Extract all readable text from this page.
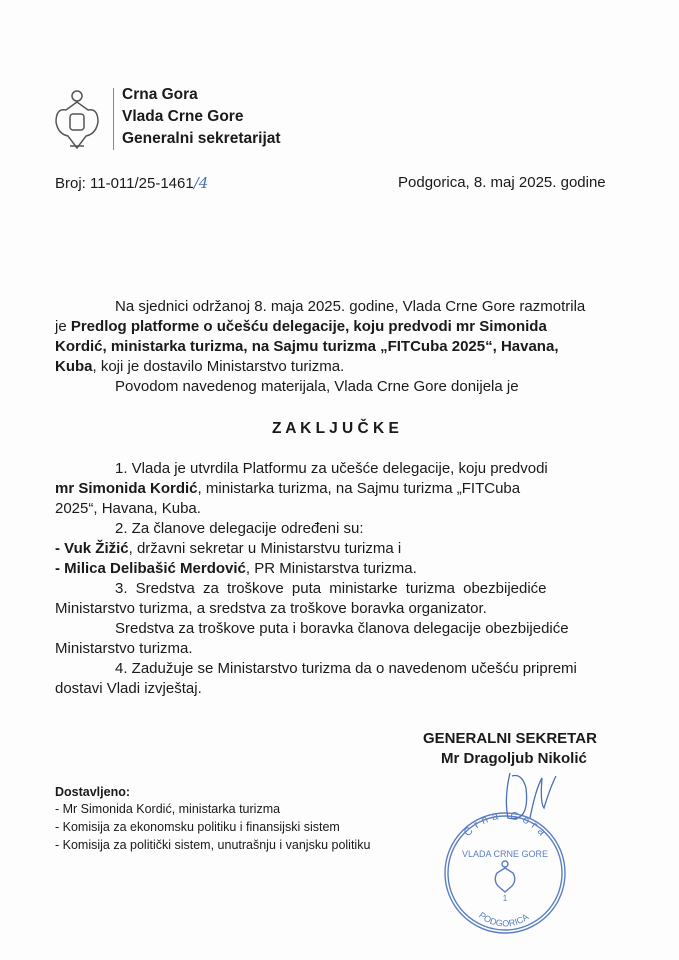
Crna Gora
Vlada Crne Gore
Generalni sekretarijat
Broj: 11-011/25-1461/4	Podgorica, 8. maj 2025. godine
Na sjednici održanoj 8. maja 2025. godine, Vlada Crne Gore razmotrila
je Predlog platforme o učešću delegacije, koju predvodi mr Simonida
Kordić, ministarka turizma, na Sajmu turizma „FITCuba 2025“, Havana,
Kuba, koji je dostavilo Ministarstvo turizma.
Povodom navedenog materijala, Vlada Crne Gore donijela je
Z A K L J U Č K E
1. Vlada je utvrdila Platformu za učešće delegacije, koju predvodi
mr Simonida Kordić, ministarka turizma, na Sajmu turizma „FITCuba
2025“, Havana, Kuba.
2. Za članove delegacije određeni su:
- Vuk Žižić, državni sekretar u Ministarstvu turizma i
- Milica Delibašić Merdović, PR Ministarstva turizma.
3. Sredstva za troškove puta ministarke turizma obezbijediće
Ministarstvo turizma, a sredstva za troškove boravka organizator.
Sredstva za troškove puta i boravka članova delegacije obezbijediće
Ministarstvo turizma.
4. Zadužuje se Ministarstvo turizma da o navedenom učešću pripremi
dostavi Vladi izvještaj.
GENERALNI SEKRETAR
Mr Dragoljub Nikolić
Dostavljeno:
- Mr Simonida Kordić, ministarka turizma
- Komisija za ekonomsku politiku i finansijski sistem
- Komisija za politički sistem, unutrašnju i vanjsku politiku
Crna Gora
VLADA CRNE GORE
1
PODGORICA
